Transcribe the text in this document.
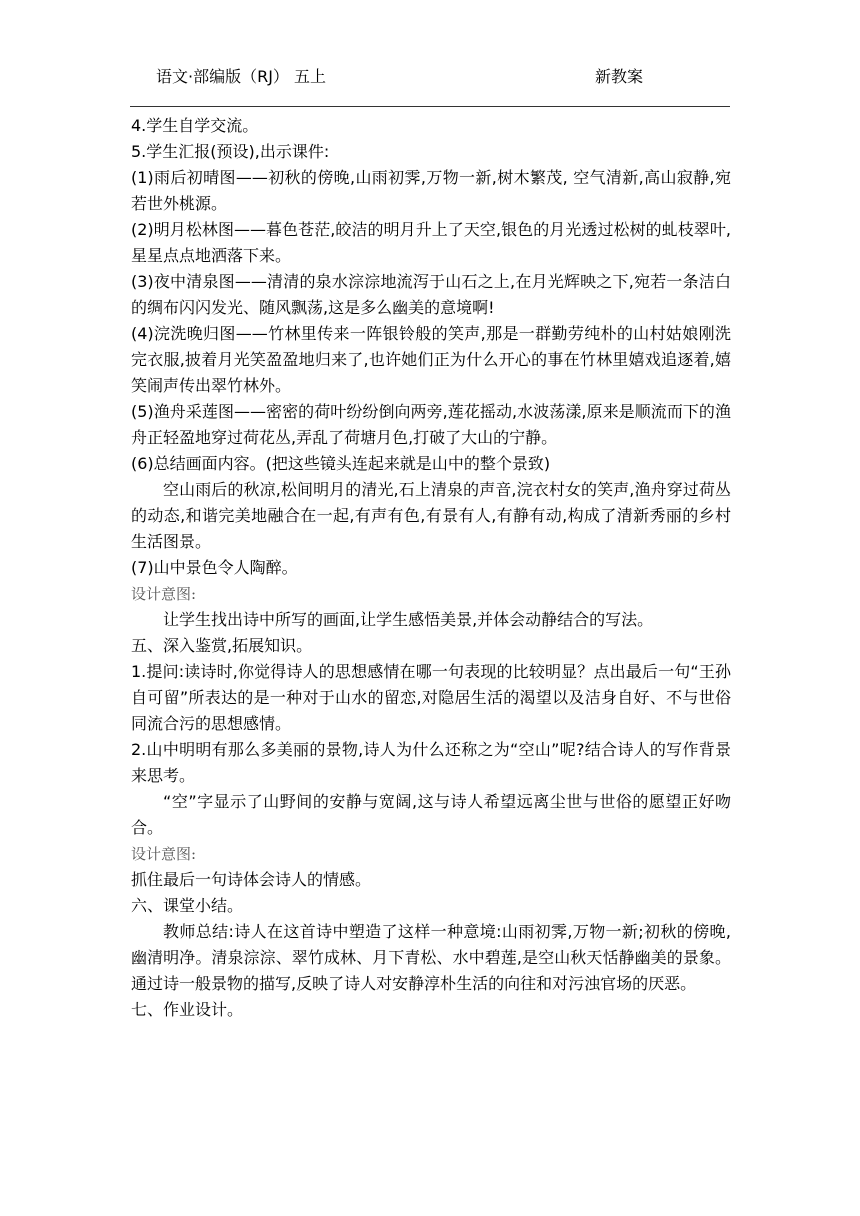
语文·部编版（RJ） 五上	新教案

4.学生自学交流。

5.学生汇报(预设),出示课件:

(1)雨后初晴图——初秋的傍晚,山雨初霁,万物一新,树木繁茂, 空气清新,高山寂静,宛若世外桃源。

(2)明月松林图——暮色苍茫,皎洁的明月升上了天空,银色的月光透过松树的虬枝翠叶,星星点点地洒落下来。

(3)夜中清泉图——清清的泉水淙淙地流泻于山石之上,在月光辉映之下,宛若一条洁白的绸布闪闪发光、随风飘荡,这是多么幽美的意境啊!

(4)浣洗晚归图——竹林里传来一阵银铃般的笑声,那是一群勤劳纯朴的山村姑娘刚洗完衣服,披着月光笑盈盈地归来了,也许她们正为什么开心的事在竹林里嬉戏追逐着,嬉笑闹声传出翠竹林外。

(5)渔舟采莲图——密密的荷叶纷纷倒向两旁,莲花摇动,水波荡漾,原来是顺流而下的渔舟正轻盈地穿过荷花丛,弄乱了荷塘月色,打破了大山的宁静。

(6)总结画面内容。(把这些镜头连起来就是山中的整个景致)

空山雨后的秋凉,松间明月的清光,石上清泉的声音,浣衣村女的笑声,渔舟穿过荷丛的动态,和谐完美地融合在一起,有声有色,有景有人,有静有动,构成了清新秀丽的乡村生活图景。

(7)山中景色令人陶醉。

设计意图:

让学生找出诗中所写的画面,让学生感悟美景,并体会动静结合的写法。

五、深入鉴赏,拓展知识。

1.提问:读诗时,你觉得诗人的思想感情在哪一句表现的比较明显？点出最后一句“王孙自可留”所表达的是一种对于山水的留恋,对隐居生活的渴望以及洁身自好、不与世俗同流合污的思想感情。

2.山中明明有那么多美丽的景物,诗人为什么还称之为“空山”呢?结合诗人的写作背景来思考。

“空”字显示了山野间的安静与宽阔,这与诗人希望远离尘世与世俗的愿望正好吻合。

设计意图:

抓住最后一句诗体会诗人的情感。

六、课堂小结。

教师总结:诗人在这首诗中塑造了这样一种意境:山雨初霁,万物一新;初秋的傍晚,幽清明净。清泉淙淙、翠竹成林、月下青松、水中碧莲,是空山秋天恬静幽美的景象。通过诗一般景物的描写,反映了诗人对安静淳朴生活的向往和对污浊官场的厌恶。

七、作业设计。
